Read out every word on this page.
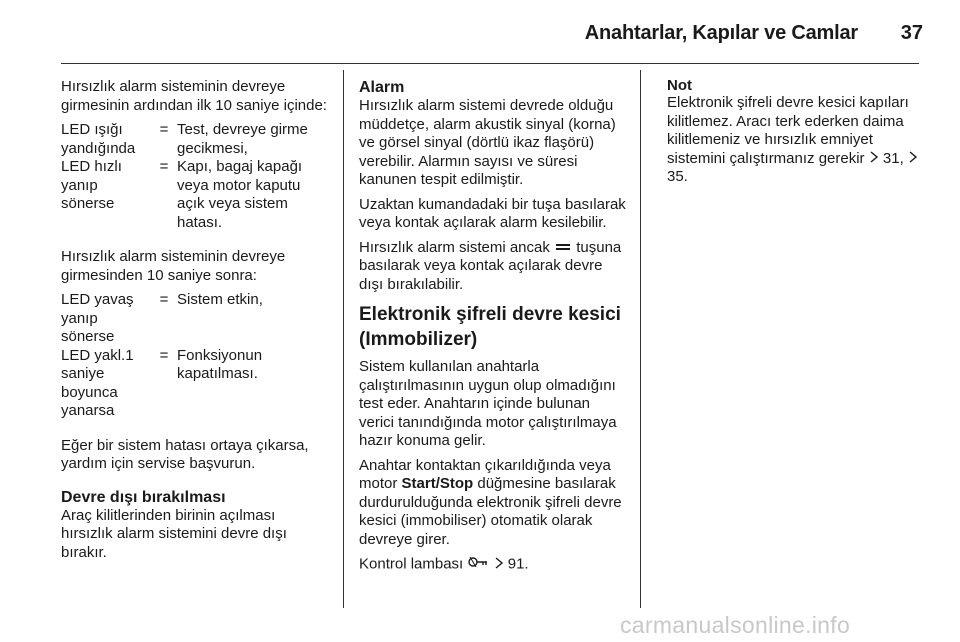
Anahtarlar, Kapılar ve Camlar 37

Hırsızlık alarm sisteminin devreye girmesinin ardından ilk 10 saniye içinde:

LED ışığı yandığında	=	Test, devreye girme gecikmesi,
LED hızlı yanıp sönerse	=	Kapı, bagaj kapağı veya motor kaputu açık veya sistem hatası.

Hırsızlık alarm sisteminin devreye girmesinden 10 saniye sonra:

LED yavaş yanıp sönerse	=	Sistem etkin,
LED yakl.1 saniye boyunca yanarsa	=	Fonksiyonun kapatılması.

Eğer bir sistem hatası ortaya çıkarsa, yardım için servise başvurun.

Devre dışı bırakılması

Araç kilitlerinden birinin açılması hırsızlık alarm sistemini devre dışı bırakır.

Alarm

Hırsızlık alarm sistemi devrede olduğu müddetçe, alarm akustik sinyal (korna) ve görsel sinyal (dörtlü ikaz flaşörü) verebilir. Alarmın sayısı ve süresi kanunen tespit edilmiştir.

Uzaktan kumandadaki bir tuşa basılarak veya kontak açılarak alarm kesilebilir.

Hırsızlık alarm sistemi ancak tuşuna basılarak veya kontak açılarak devre dışı bırakılabilir.

Elektronik şifreli devre kesici (Immobilizer)

Sistem kullanılan anahtarla çalıştırılmasının uygun olup olmadığını test eder. Anahtarın içinde bulunan verici tanındığında motor çalıştırılmaya hazır konuma gelir.

Anahtar kontaktan çıkarıldığında veya motor Start/Stop düğmesine basılarak durdurulduğunda elektronik şifreli devre kesici (immobiliser) otomatik olarak devreye girer.

Kontrol lambası	91.

Not

Elektronik şifreli devre kesici kapıları kilitlemez. Aracı terk ederken daima kilitlemeniz ve hırsızlık emniyet sistemini çalıştırmanız gerekir 31,  35.

carmanualsonline.info
